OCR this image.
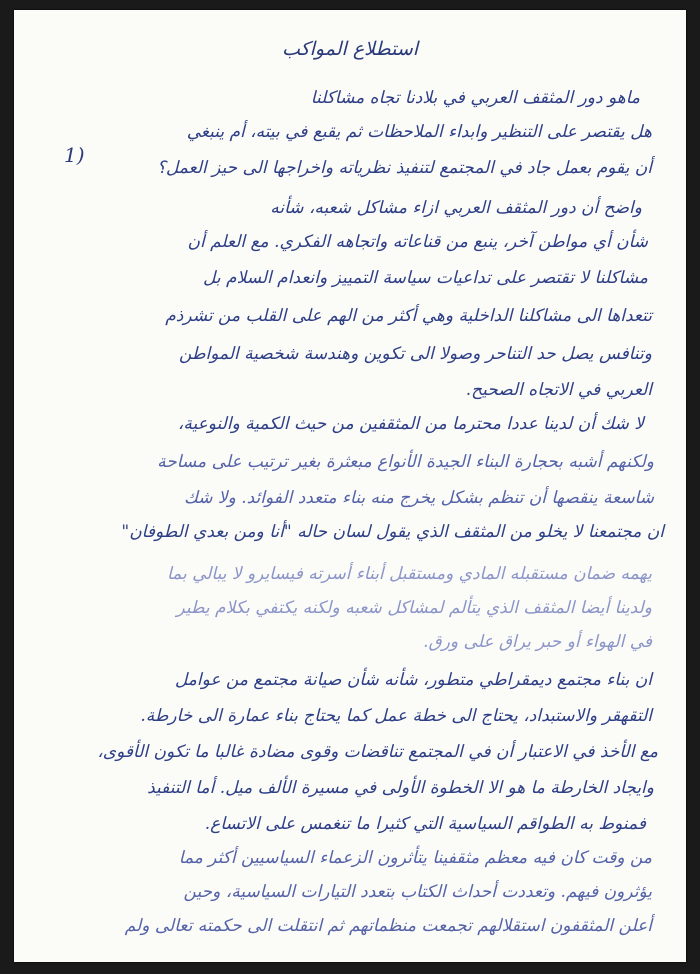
استطلاع المواكب
1)
ماهو دور المثقف العربي في بلادنا تجاه مشاكلنا
هل يقتصر على التنظير وابداء الملاحظات ثم يقبع في بيته، أم ينبغي
أن يقوم بعمل جاد في المجتمع لتنفيذ نظرياته واخراجها الى حيز العمل؟
واضح أن دور المثقف العربي ازاء مشاكل شعبه، شأنه
شأن أي مواطن آخر، ينبع من قناعاته واتجاهه الفكري. مع العلم أن
مشاكلنا لا تقتصر على تداعيات سياسة التمييز وانعدام السلام بل
تتعداها الى مشاكلنا الداخلية وهي أكثر من الهم على القلب من تشرذم
وتنافس يصل حد التناحر وصولا الى تكوين وهندسة شخصية المواطن
العربي في الاتجاه الصحيح.
لا شك أن لدينا عددا محترما من المثقفين من حيث الكمية والنوعية،
ولكنهم أشبه بحجارة البناء الجيدة الأنواع مبعثرة بغير ترتيب على مساحة
شاسعة ينقصها أن تنظم بشكل يخرج منه بناء متعدد الفوائد. ولا شك
ان مجتمعنا لا يخلو من المثقف الذي يقول لسان حاله "أنا ومن بعدي الطوفان"
يهمه ضمان مستقبله المادي ومستقبل أبناء أسرته فيسايرو لا يبالي بما
ولدينا أيضا المثقف الذي يتألم لمشاكل شعبه ولكنه يكتفي بكلام يطير
في الهواء أو حبر يراق على ورق.
ان بناء مجتمع ديمقراطي متطور، شأنه شأن صيانة مجتمع من عوامل
التقهقر والاستبداد، يحتاج الى خطة عمل كما يحتاج بناء عمارة الى خارطة.
مع الأخذ في الاعتبار أن في المجتمع تناقضات وقوى مضادة غالبا ما تكون الأقوى،
وايجاد الخارطة ما هو الا الخطوة الأولى في مسيرة الألف ميل. أما التنفيذ
فمنوط به الطواقم السياسية التي كثيرا ما تنغمس على الاتساع.
من وقت كان فيه معظم مثقفينا يتأثرون الزعماء السياسيين أكثر مما
يؤثرون فيهم. وتعددت أحداث الكتاب بتعدد التيارات السياسية، وحين
أعلن المثقفون استقلالهم تجمعت منظماتهم ثم انتقلت الى حكمته تعالى ولم
